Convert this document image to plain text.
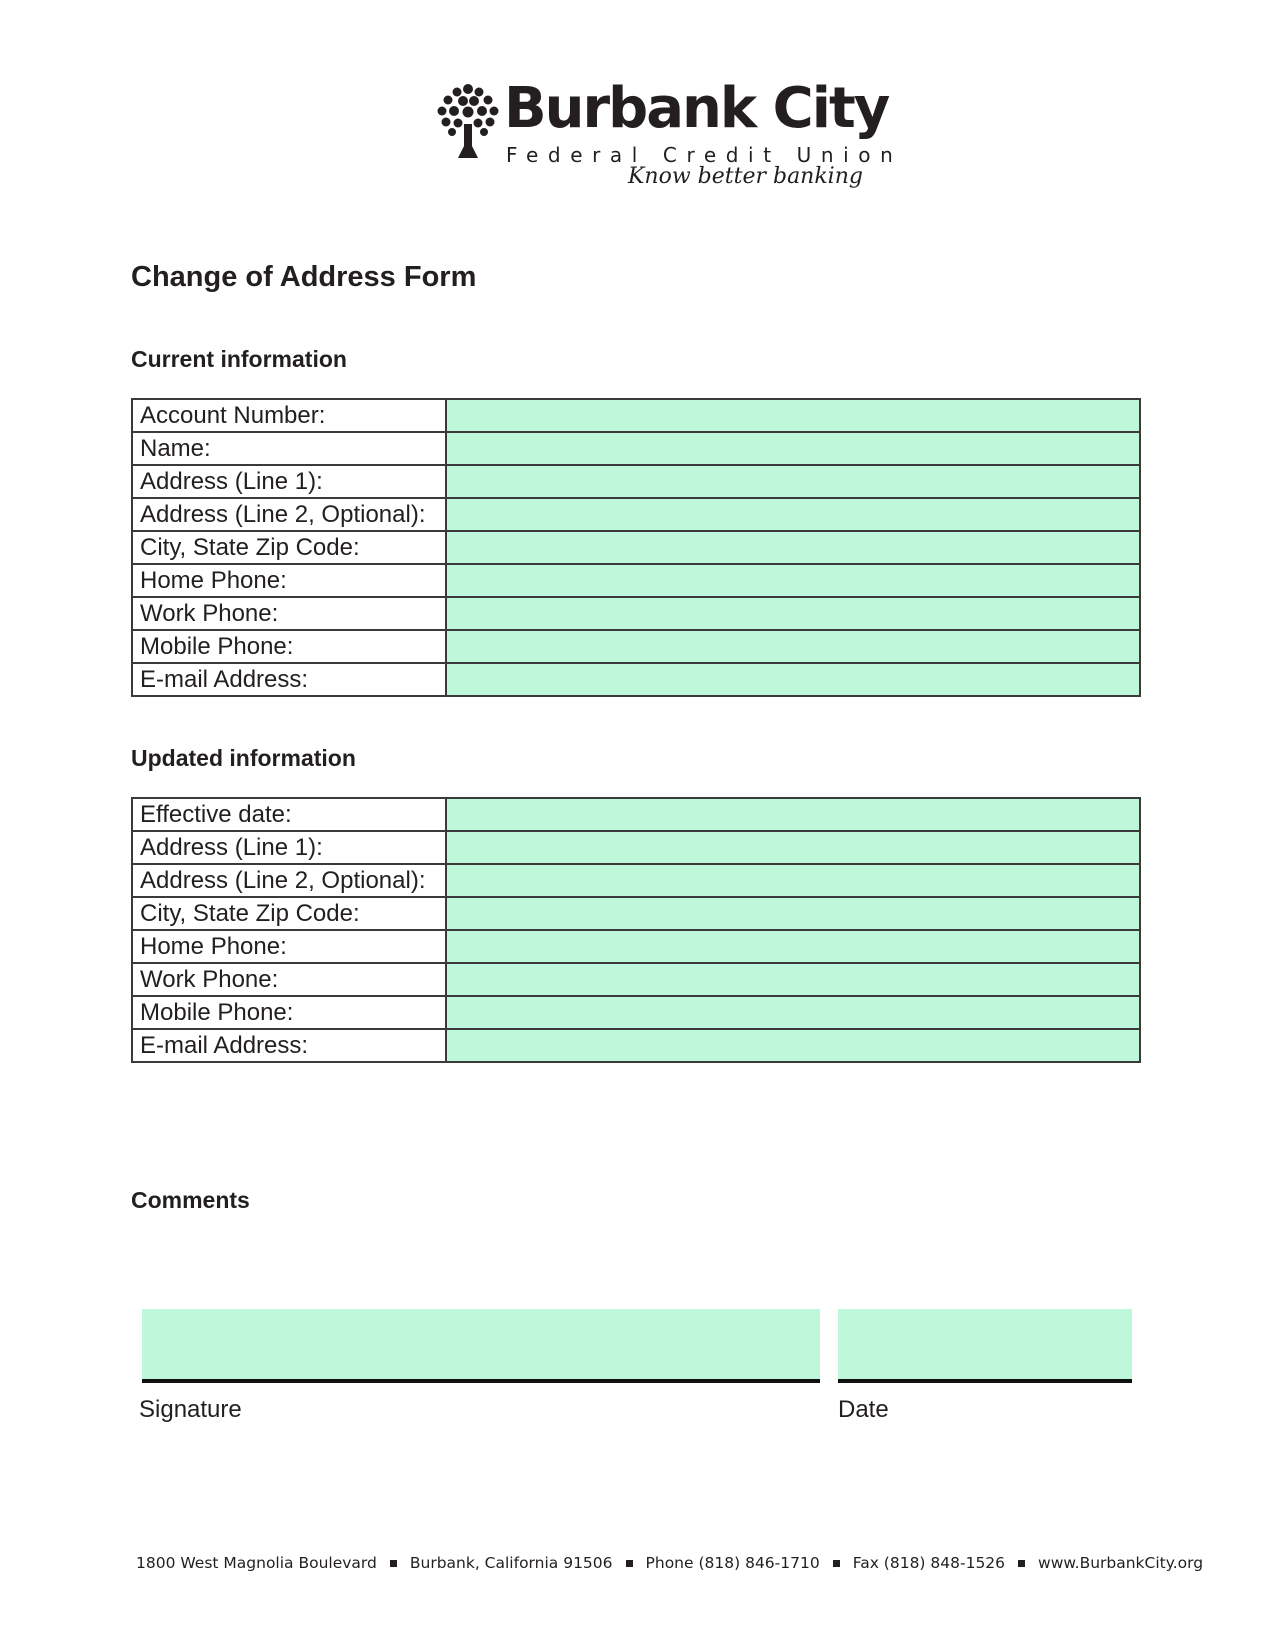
Burbank City
Federal Credit Union
Know better banking
Change of Address Form
Current information
Account Number:	
Name:	
Address (Line 1):	
Address (Line 2, Optional):	
City, State Zip Code:	
Home Phone:	
Work Phone:	
Mobile Phone:	
E-mail Address:	
Updated information
Effective date:	
Address (Line 1):	
Address (Line 2, Optional):	
City, State Zip Code:	
Home Phone:	
Work Phone:	
Mobile Phone:	
E-mail Address:	
Comments
Signature	Date
1800 West Magnolia Boulevard Burbank, California 91506 Phone (818) 846-1710 Fax (818) 848-1526 www.BurbankCity.org
